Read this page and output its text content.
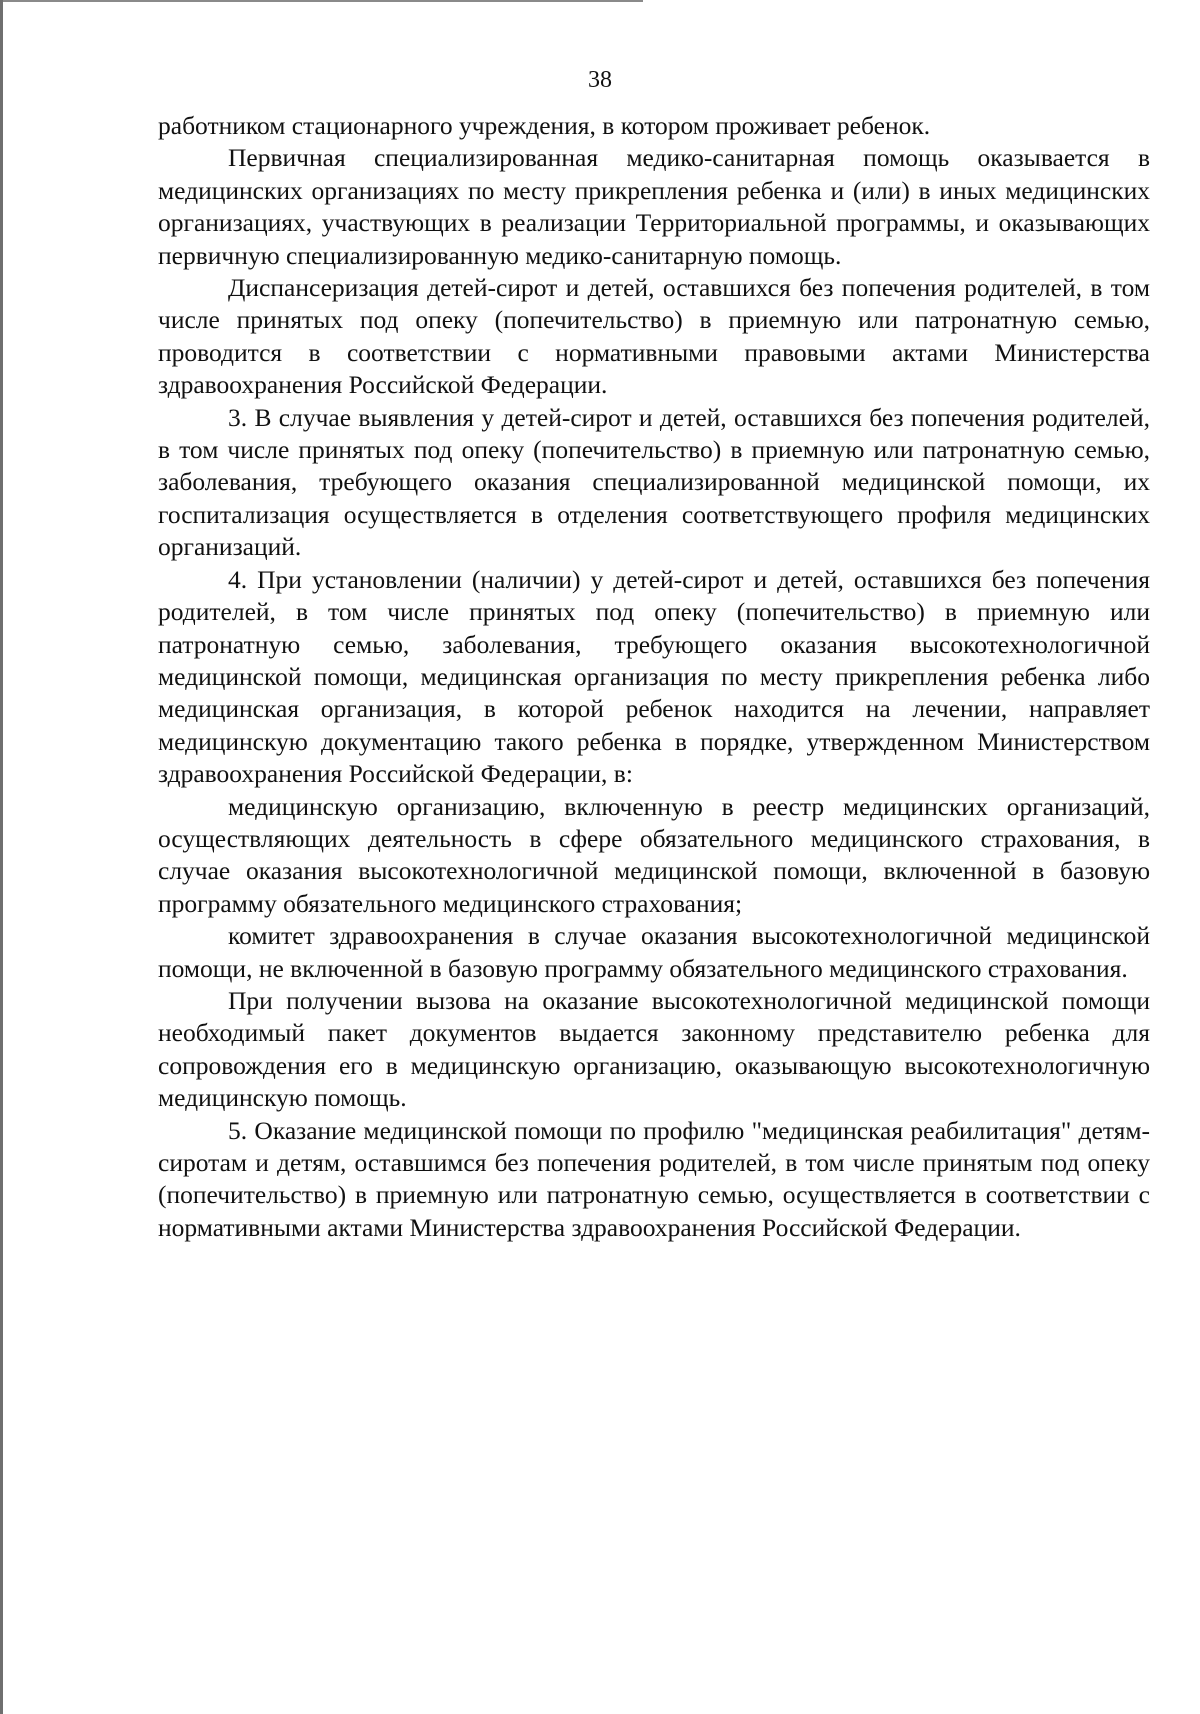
38

работником стационарного учреждения, в котором проживает ребенок.

Первичная специализированная медико-санитарная помощь оказывается в медицинских организациях по месту прикрепления ребенка и (или) в иных медицинских организациях, участвующих в реализации Территориальной программы, и оказывающих первичную специализированную медико-санитарную помощь.

Диспансеризация детей-сирот и детей, оставшихся без попечения родителей, в том числе принятых под опеку (попечительство) в приемную или патронатную семью, проводится в соответствии с нормативными правовыми актами Министерства здравоохранения Российской Федерации.

3. В случае выявления у детей-сирот и детей, оставшихся без попечения родителей, в том числе принятых под опеку (попечительство) в приемную или патронатную семью, заболевания, требующего оказания специализированной медицинской помощи, их госпитализация осуществляется в отделения соответствующего профиля медицинских организаций.

4. При установлении (наличии) у детей-сирот и детей, оставшихся без попечения родителей, в том числе принятых под опеку (попечительство) в приемную или патронатную семью, заболевания, требующего оказания высокотехнологичной медицинской помощи, медицинская организация по месту прикрепления ребенка либо медицинская организация, в которой ребенок находится на лечении, направляет медицинскую документацию такого ребенка в порядке, утвержденном Министерством здравоохранения Российской Федерации, в:

медицинскую организацию, включенную в реестр медицинских организаций, осуществляющих деятельность в сфере обязательного медицинского страхования, в случае оказания высокотехнологичной медицинской помощи, включенной в базовую программу обязательного медицинского страхования;

комитет здравоохранения в случае оказания высокотехнологичной медицинской помощи, не включенной в базовую программу обязательного медицинского страхования.

При получении вызова на оказание высокотехнологичной медицинской помощи необходимый пакет документов выдается законному представителю ребенка для сопровождения его в медицинскую организацию, оказывающую высокотехнологичную медицинскую помощь.

5. Оказание медицинской помощи по профилю "медицинская реабилитация" детям-сиротам и детям, оставшимся без попечения родителей, в том числе принятым под опеку (попечительство) в приемную или патронатную семью, осуществляется в соответствии с нормативными актами Министерства здравоохранения Российской Федерации.
